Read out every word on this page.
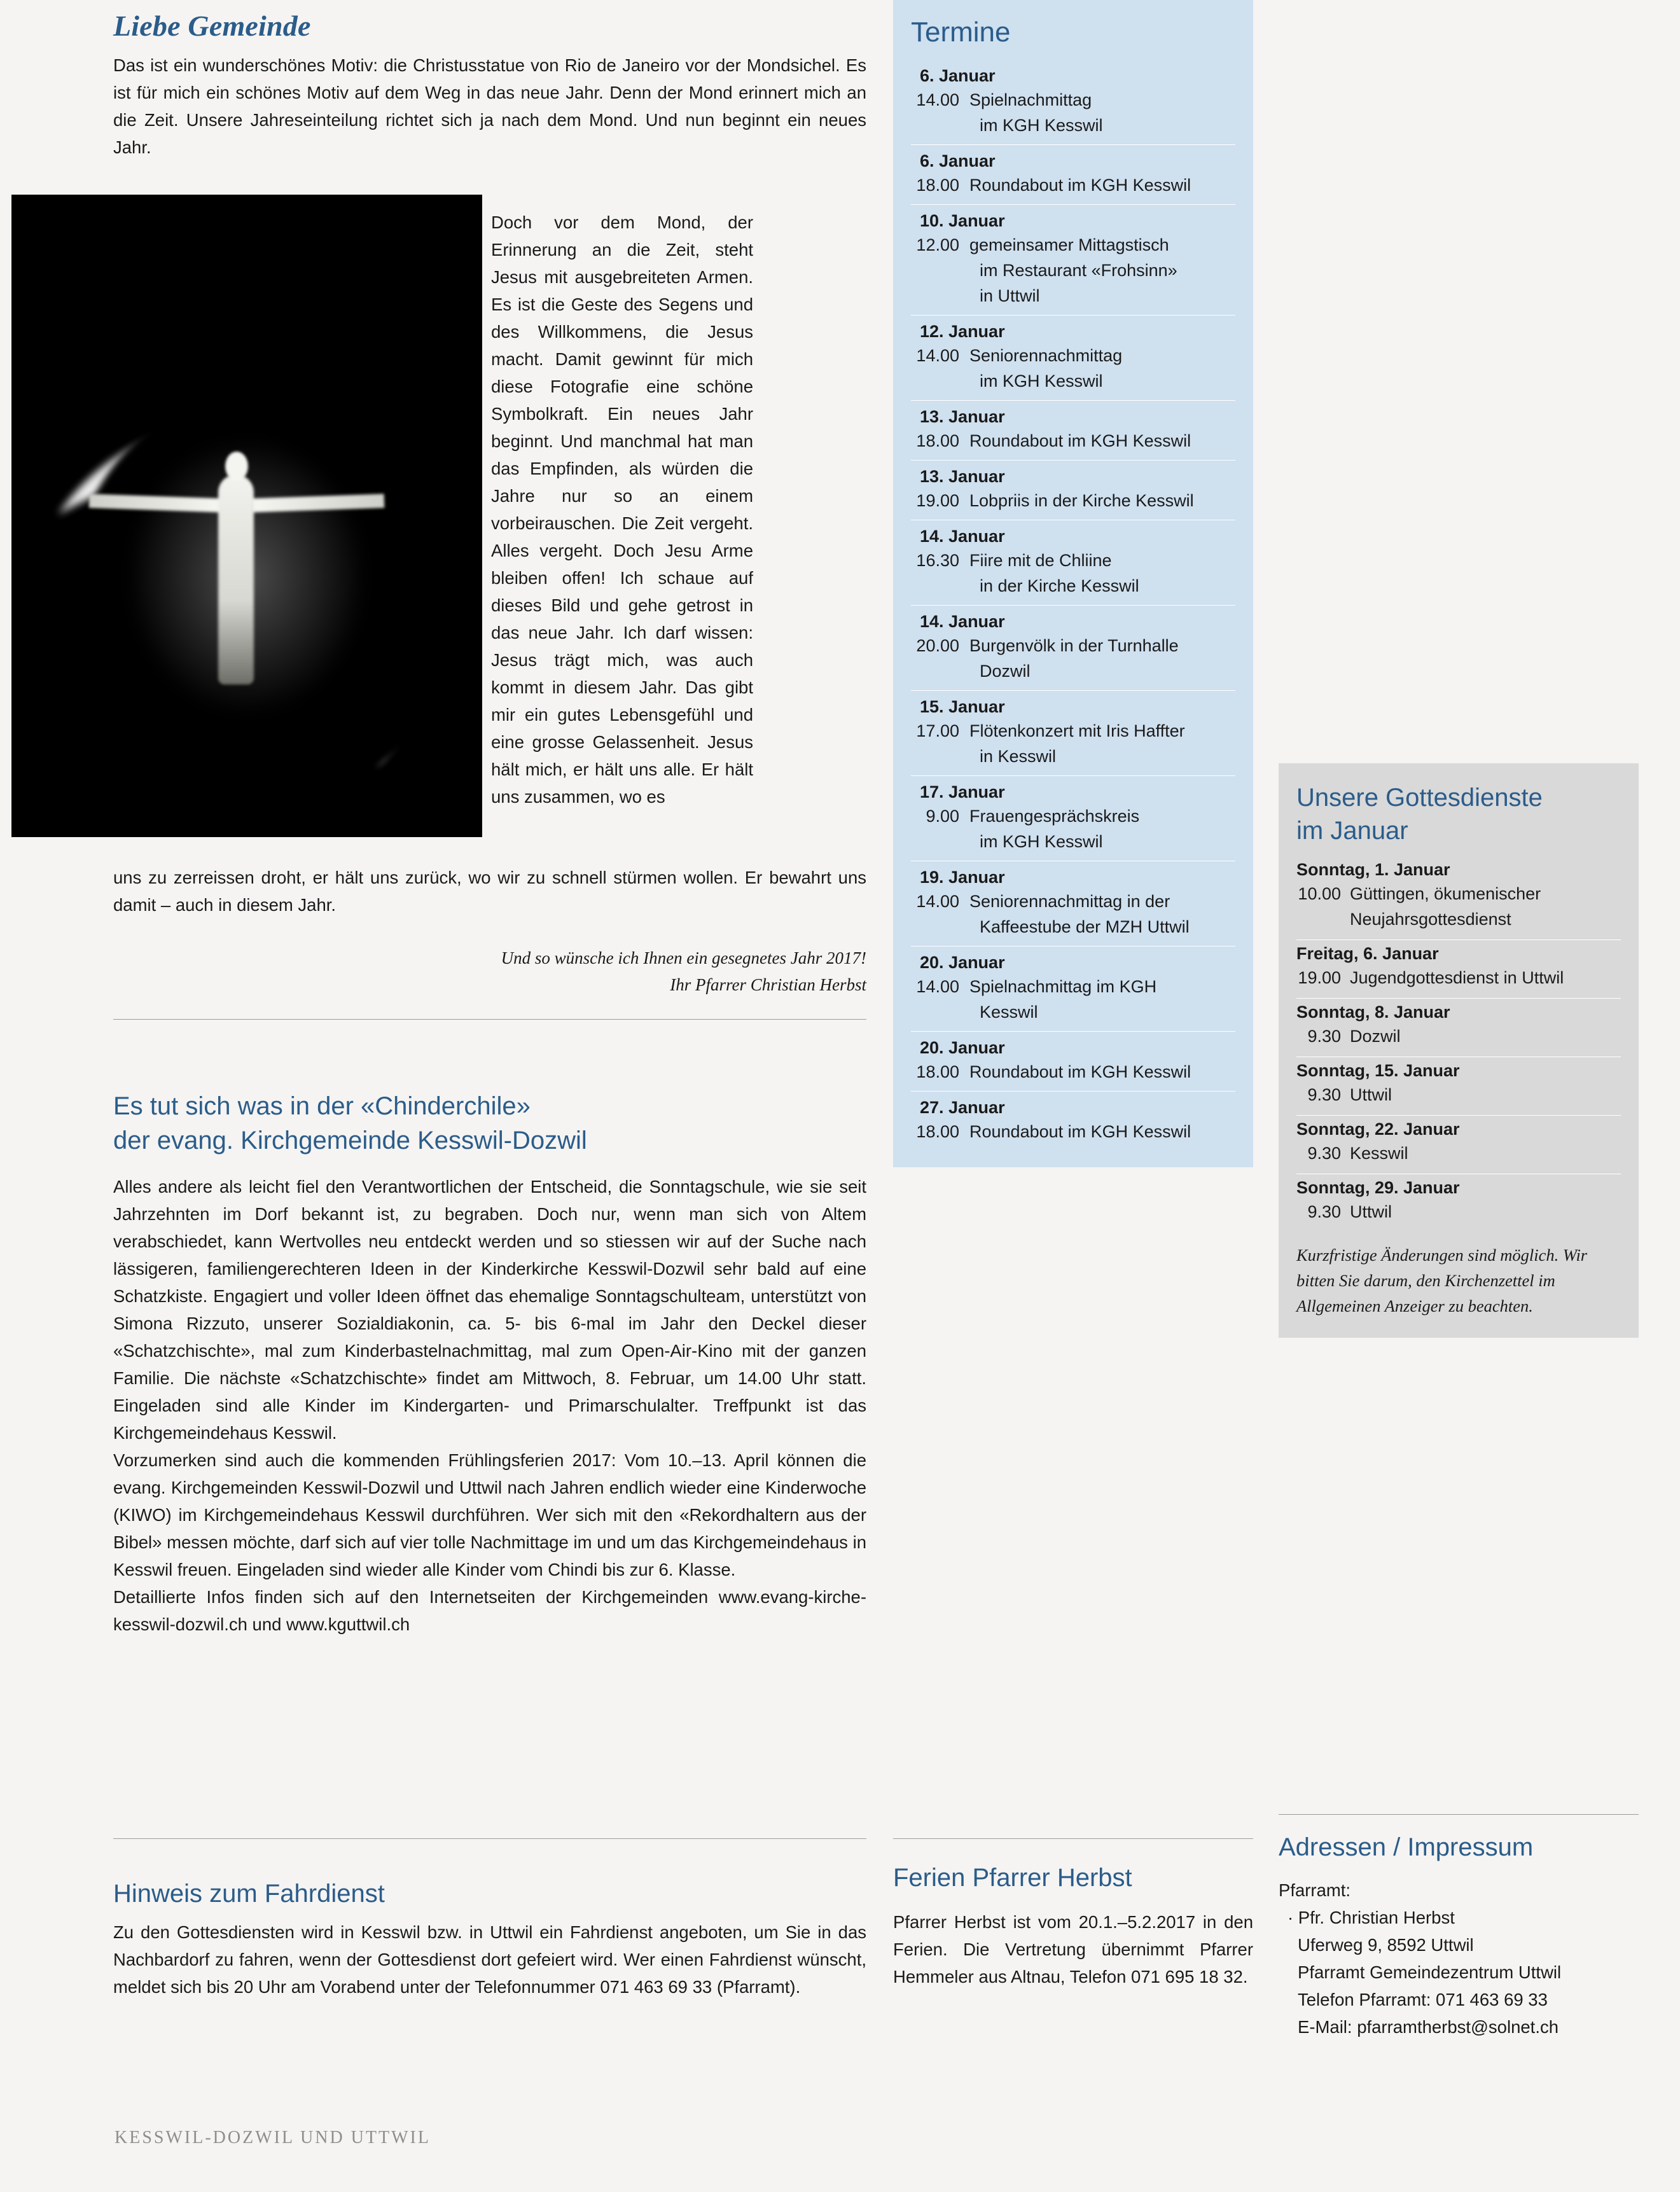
Liebe Gemeinde

Das ist ein wunderschönes Motiv: die Christusstatue von Rio de Janeiro vor der Mondsichel. Es ist für mich ein schönes Motiv auf dem Weg in das neue Jahr. Denn der Mond erinnert mich an die Zeit. Unsere Jahreseinteilung richtet sich ja nach dem Mond. Und nun beginnt ein neues Jahr.

Doch vor dem Mond, der Erinnerung an die Zeit, steht Jesus mit ausgebreiteten Armen. Es ist die Geste des Segens und des Willkommens, die Jesus macht. Damit gewinnt für mich diese Fotografie eine schöne Symbolkraft. Ein neues Jahr beginnt. Und manchmal hat man das Empfinden, als würden die Jahre nur so an einem vorbeirauschen. Die Zeit vergeht. Alles vergeht. Doch Jesu Arme bleiben offen! Ich schaue auf dieses Bild und gehe getrost in das neue Jahr. Ich darf wissen: Jesus trägt mich, was auch kommt in diesem Jahr. Das gibt mir ein gutes Lebensgefühl und eine grosse Gelassenheit. Jesus hält mich, er hält uns alle. Er hält uns zusammen, wo es

uns zu zerreissen droht, er hält uns zurück, wo wir zu schnell stürmen wollen. Er bewahrt uns damit – auch in diesem Jahr.

Und so wünsche ich Ihnen ein gesegnetes Jahr 2017!
Ihr Pfarrer Christian Herbst
Es tut sich was in der «Chinderchile»
der evang. Kirchgemeinde Kesswil-Dozwil

Alles andere als leicht fiel den Verantwortlichen der Entscheid, die Sonntagschule, wie sie seit Jahrzehnten im Dorf bekannt ist, zu begraben. Doch nur, wenn man sich von Altem verabschiedet, kann Wertvolles neu entdeckt werden und so stiessen wir auf der Suche nach lässigeren, familiengerechteren Ideen in der Kinderkirche Kesswil-Dozwil sehr bald auf eine Schatzkiste. Engagiert und voller Ideen öffnet das ehemalige Sonntagschulteam, unterstützt von Simona Rizzuto, unserer Sozialdiakonin, ca. 5- bis 6-mal im Jahr den Deckel dieser «Schatzchischte», mal zum Kinderbastelnachmittag, mal zum Open-Air-Kino mit der ganzen Familie. Die nächste «Schatzchischte» findet am Mittwoch, 8. Februar, um 14.00 Uhr statt. Eingeladen sind alle Kinder im Kindergarten- und Primarschulalter. Treffpunkt ist das Kirchgemeindehaus Kesswil.

Vorzumerken sind auch die kommenden Frühlingsferien 2017: Vom 10.–13. April können die evang. Kirchgemeinden Kesswil-Dozwil und Uttwil nach Jahren endlich wieder eine Kinderwoche (KIWO) im Kirchgemeindehaus Kesswil durchführen. Wer sich mit den «Rekordhaltern aus der Bibel» messen möchte, darf sich auf vier tolle Nachmittage im und um das Kirchgemeindehaus in Kesswil freuen. Eingeladen sind wieder alle Kinder vom Chindi bis zur 6. Klasse.

Detaillierte Infos finden sich auf den Internetseiten der Kirchgemeinden www.evang-kirche-kesswil-dozwil.ch und www.kguttwil.ch

Hinweis zum Fahrdienst
Zu den Gottesdiensten wird in Kesswil bzw. in Uttwil ein Fahrdienst angeboten, um Sie in das Nachbardorf zu fahren, wenn der Gottesdienst dort gefeiert wird. Wer einen Fahrdienst wünscht, meldet sich bis 20 Uhr am Vorabend unter der Telefonnummer 071 463 69 33 (Pfarramt).
Termine
6. Januar
14.00 Spielnachmittag
im KGH Kesswil
6. Januar
18.00 Roundabout im KGH Kesswil
10. Januar
12.00 gemeinsamer Mittagstisch
im Restaurant «Frohsinn»
in Uttwil
12. Januar
14.00 Seniorennachmittag
im KGH Kesswil
13. Januar
18.00 Roundabout im KGH Kesswil
13. Januar
19.00 Lobpriis in der Kirche Kesswil
14. Januar
16.30 Fiire mit de Chliine
in der Kirche Kesswil
14. Januar
20.00 Burgenvölk in der Turnhalle
Dozwil
15. Januar
17.00 Flötenkonzert mit Iris Haffter
in Kesswil
17. Januar
9.00 Frauengesprächskreis
im KGH Kesswil
19. Januar
14.00 Seniorennachmittag in der
Kaffeestube der MZH Uttwil
20. Januar
14.00 Spielnachmittag im KGH
Kesswil
20. Januar
18.00 Roundabout im KGH Kesswil
27. Januar
18.00 Roundabout im KGH Kesswil
Ferien Pfarrer Herbst
Pfarrer Herbst ist vom 20.1.–5.2.2017 in den Ferien. Die Vertretung übernimmt Pfarrer Hemmeler aus Altnau, Telefon 071 695 18 32.
Unsere Gottesdienste
im Januar
Sonntag, 1. Januar
10.00 Güttingen, ökumenischer
Neujahrsgottesdienst
Freitag, 6. Januar
19.00 Jugendgottesdienst in Uttwil
Sonntag, 8. Januar
9.30 Dozwil
Sonntag, 15. Januar
9.30 Uttwil
Sonntag, 22. Januar
9.30 Kesswil
Sonntag, 29. Januar
9.30 Uttwil
Kurzfristige Änderungen sind möglich. Wir bitten Sie darum, den Kirchenzettel im Allgemeinen Anzeiger zu beachten.
Adressen / Impressum
Pfarramt:
· Pfr. Christian Herbst
Uferweg 9, 8592 Uttwil
Pfarramt Gemeindezentrum Uttwil
Telefon Pfarramt: 071 463 69 33
E-Mail: pfarramtherbst@solnet.ch
KESSWIL-DOZWIL UND UTTWIL
